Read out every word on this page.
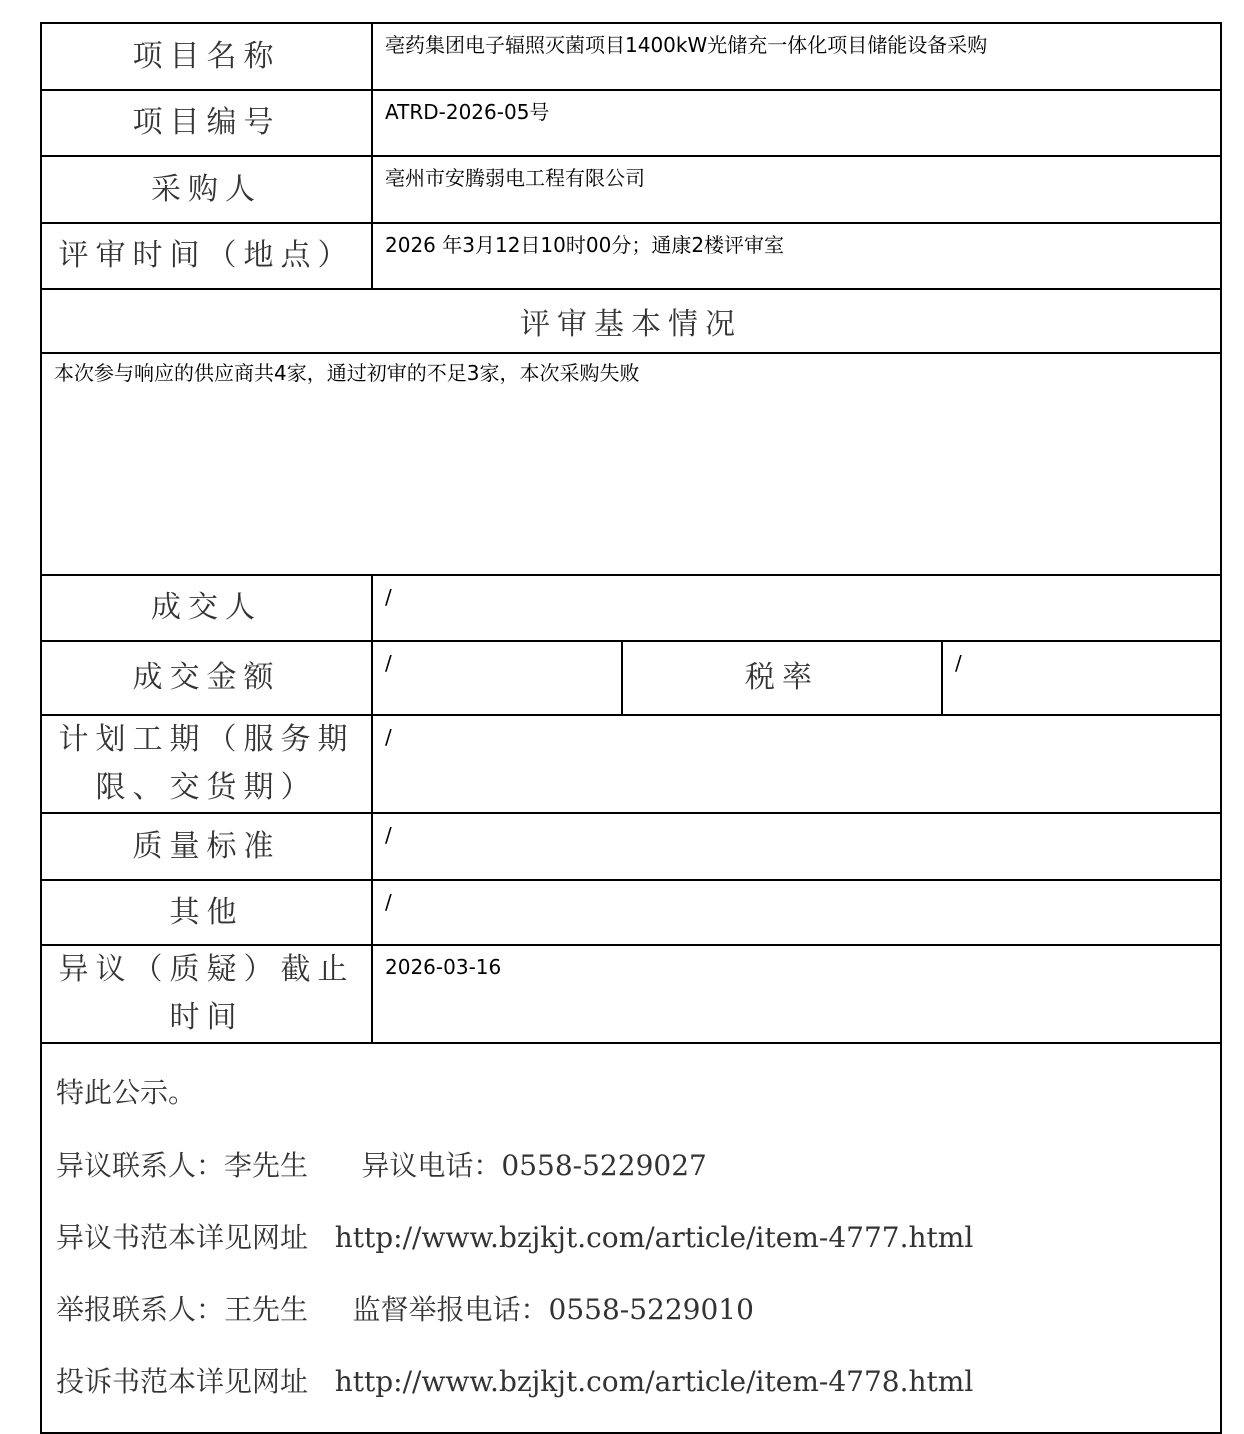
项目名称	亳药集团电子辐照灭菌项目1400kW光储充一体化项目储能设备采购		
项目编号	ATRD-2026-05号		
采购人	亳州市安腾弱电工程有限公司		
评审时间（地点）	2026 年3月12日10时00分；通康2楼评审室		
评审基本情况			
本次参与响应的供应商共4家，通过初审的不足3家，本次采购失败			
成交人	/		
成交金额	/	税率	/
计划工期（服务期限、交货期）	/		
质量标准	/		
其他	/		
异议（质疑）截止时间	2026-03-16		

特此公示。
异议联系人：李先生      异议电话：0558-5229027
异议书范本详见网址   http://www.bzjkjt.com/article/item-4777.html
举报联系人：王先生     监督举报电话：0558-5229010
投诉书范本详见网址   http://www.bzjkjt.com/article/item-4778.html			
